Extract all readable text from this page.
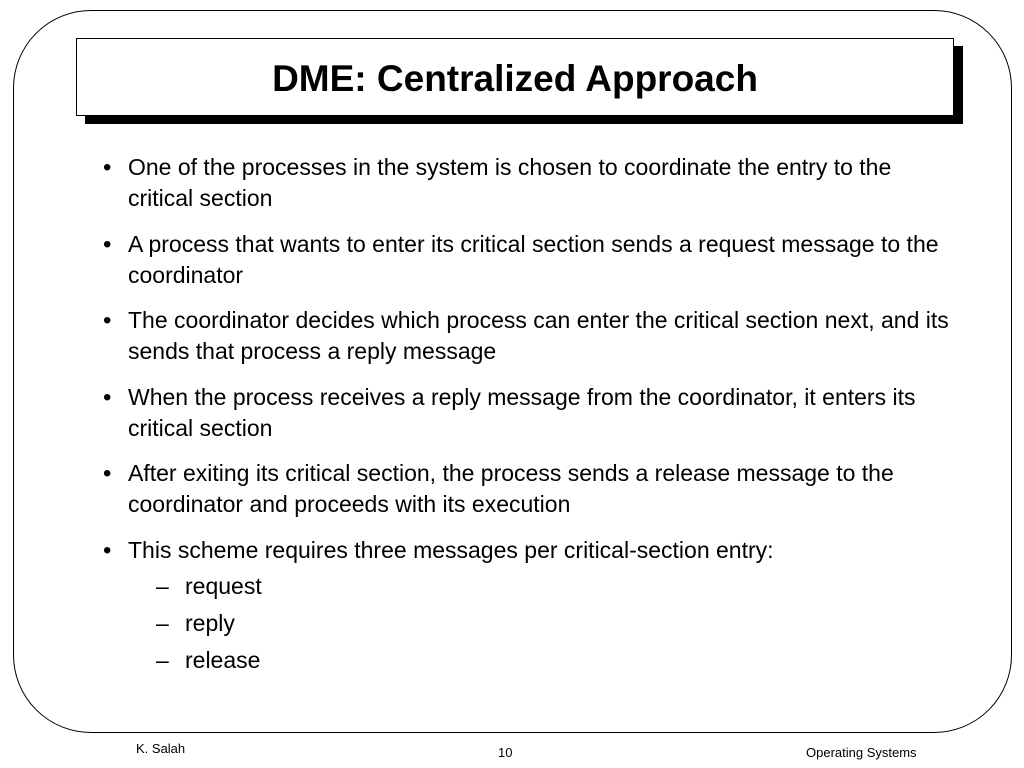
DME: Centralized Approach
• One of the processes in the system is chosen to coordinate the entry to the critical section
• A process that wants to enter its critical section sends a request message to the coordinator
• The coordinator decides which process can enter the critical section next, and its sends that process a reply message
• When the process receives a reply message from the coordinator, it enters its critical section
• After exiting its critical section, the process sends a release message to the coordinator and proceeds with its execution
• This scheme requires three messages per critical-section entry:
– request
– reply
– release
K. Salah	10	Operating Systems
